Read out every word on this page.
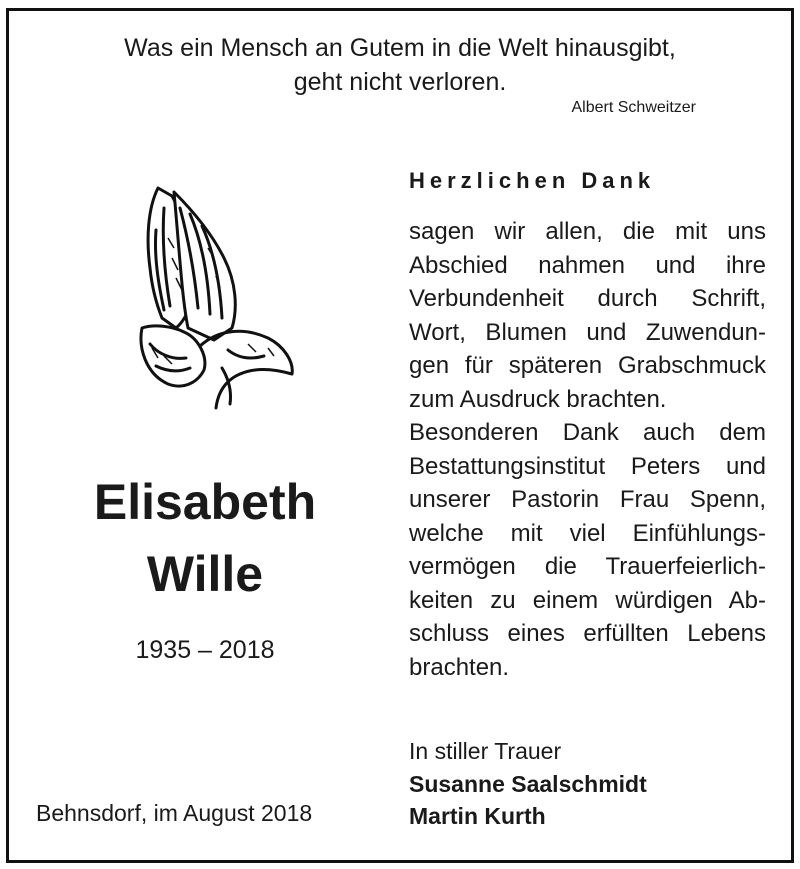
Was ein Mensch an Gutem in die Welt hinausgibt,
geht nicht verloren.
Albert Schweitzer
Elisabeth
Wille
1935 – 2018
Behnsdorf, im August 2018
Herzlichen Dank
sagen wir allen, die mit uns
Abschied nahmen und ihre
Verbundenheit durch Schrift,
Wort, Blumen und Zuwendun-
gen für späteren Grabschmuck
zum Ausdruck brachten.
Besonderen Dank auch dem
Bestattungsinstitut Peters und
unserer Pastorin Frau Spenn,
welche mit viel Einfühlungs-
vermögen die Trauerfeierlich-
keiten zu einem würdigen Ab-
schluss eines erfüllten Lebens
brachten.
In stiller Trauer
Susanne Saalschmidt
Martin Kurth
